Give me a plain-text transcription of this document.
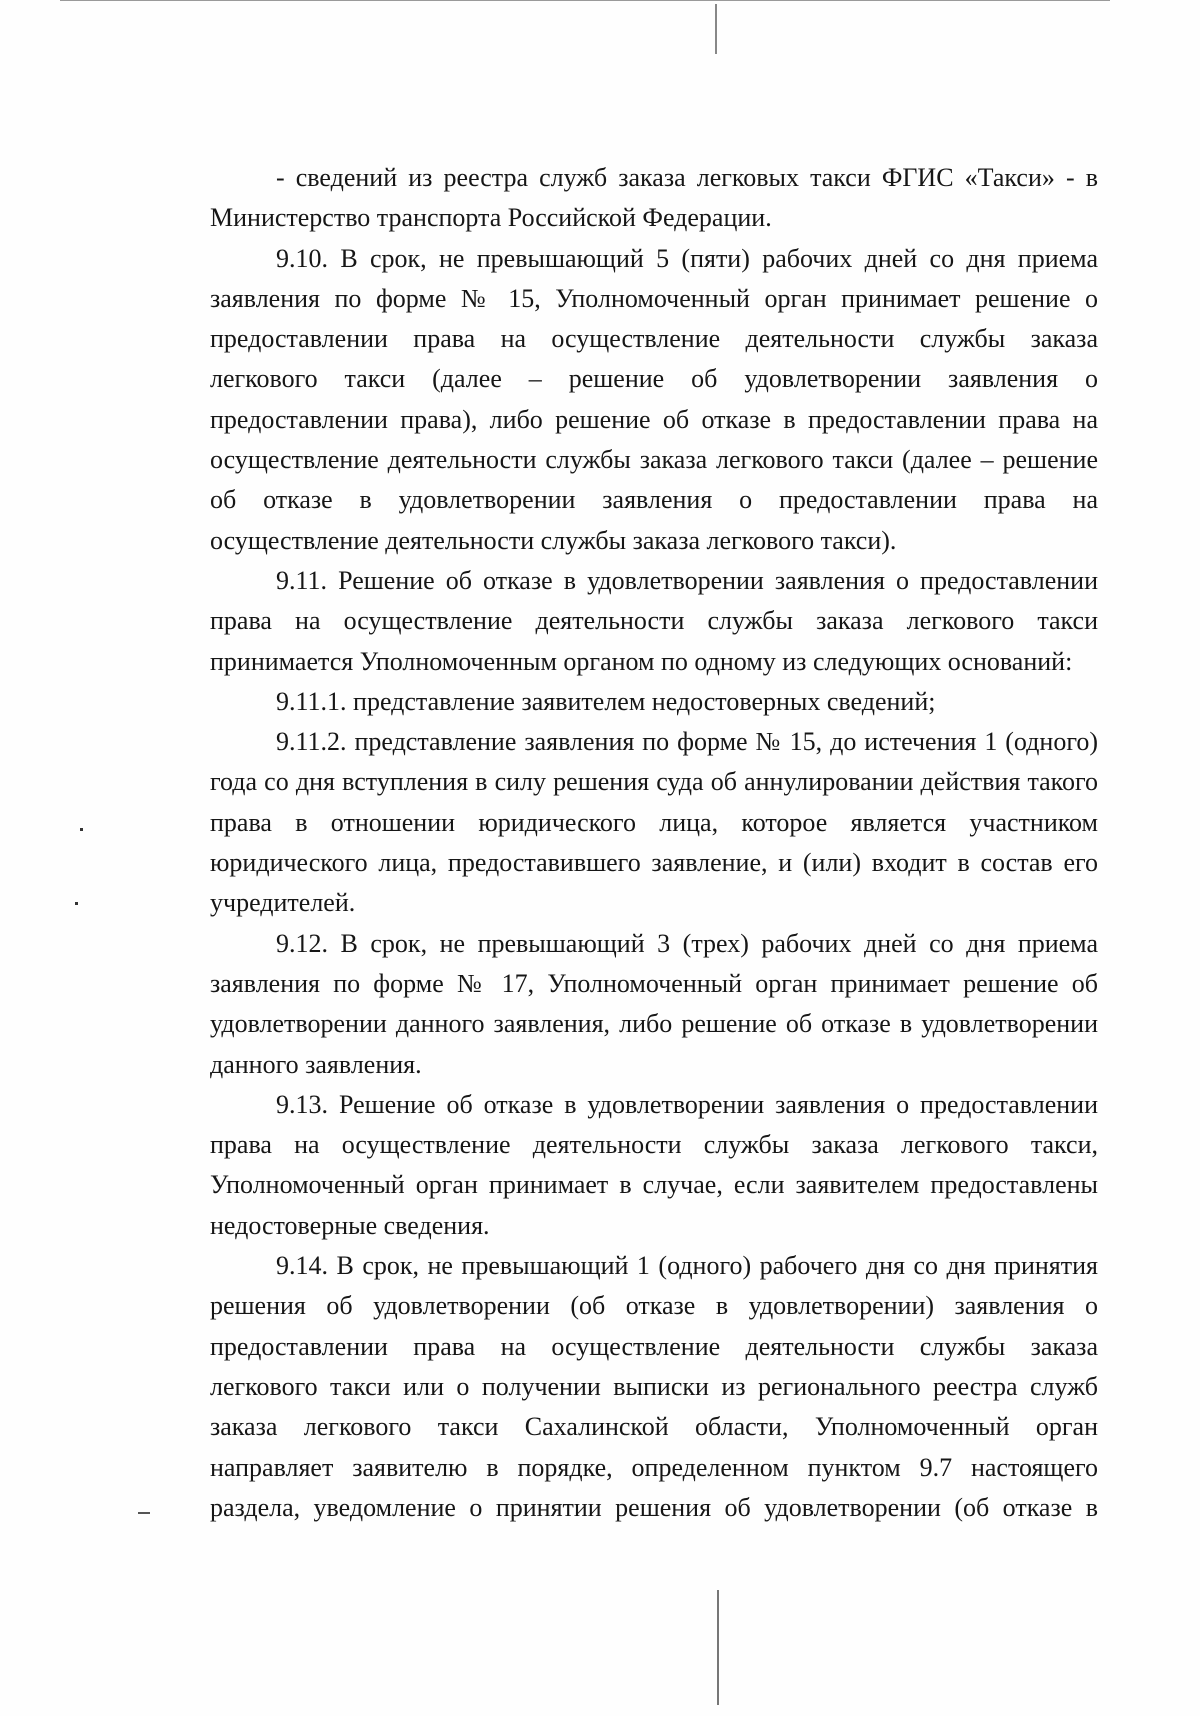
- сведений из реестра служб заказа легковых такси ФГИС «Такси» - в Министерство транспорта Российской Федерации.

9.10. В срок, не превышающий 5 (пяти) рабочих дней со дня приема заявления по форме № 15, Уполномоченный орган принимает решение о предоставлении права на осуществление деятельности службы заказа легкового такси (далее – решение об удовлетворении заявления о предоставлении права), либо решение об отказе в предоставлении права на осуществление деятельности службы заказа легкового такси (далее – решение об отказе в удовлетворении заявления о предоставлении права на осуществление деятельности службы заказа легкового такси).

9.11. Решение об отказе в удовлетворении заявления о предоставлении права на осуществление деятельности службы заказа легкового такси принимается Уполномоченным органом по одному из следующих оснований:

9.11.1. представление заявителем недостоверных сведений;

9.11.2. представление заявления по форме № 15, до истечения 1 (одного) года со дня вступления в силу решения суда об аннулировании действия такого права в отношении юридического лица, которое является участником юридического лица, предоставившего заявление, и (или) входит в состав его учредителей.

9.12. В срок, не превышающий 3 (трех) рабочих дней со дня приема заявления по форме № 17, Уполномоченный орган принимает решение об удовлетворении данного заявления, либо решение об отказе в удовлетворении данного заявления.

9.13. Решение об отказе в удовлетворении заявления о предоставлении права на осуществление деятельности службы заказа легкового такси, Уполномоченный орган принимает в случае, если заявителем предоставлены недостоверные сведения.

9.14. В срок, не превышающий 1 (одного) рабочего дня со дня принятия решения об удовлетворении (об отказе в удовлетворении) заявления о предоставлении права на осуществление деятельности службы заказа легкового такси или о получении выписки из регионального реестра служб заказа легкового такси Сахалинской области, Уполномоченный орган направляет заявителю в порядке, определенном пунктом 9.7 настоящего раздела, уведомление о принятии решения об удовлетворении (об отказе в
